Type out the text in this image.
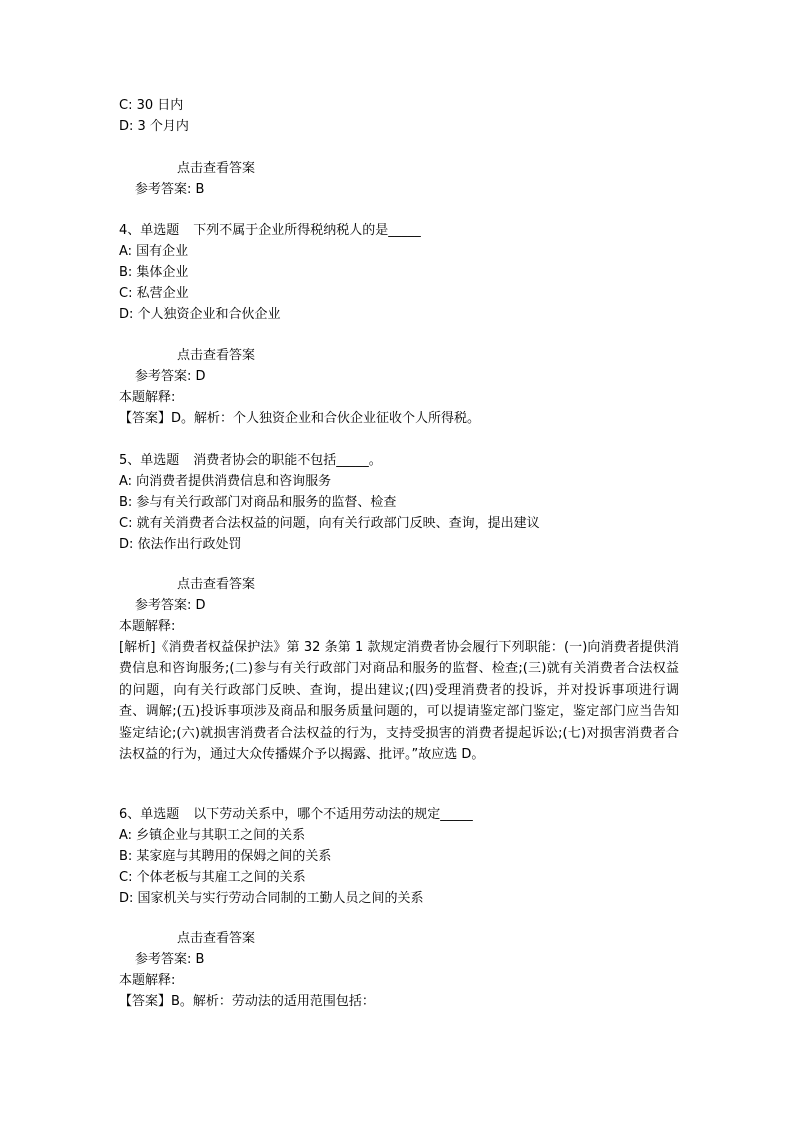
C: 30 日内
D: 3 个月内
点击查看答案
参考答案: B
4、单选题 下列不属于企业所得税纳税人的是_____
A: 国有企业
B: 集体企业
C: 私营企业
D: 个人独资企业和合伙企业
点击查看答案
参考答案: D
本题解释:
【答案】D。解析：个人独资企业和合伙企业征收个人所得税。
5、单选题 消费者协会的职能不包括_____。
A: 向消费者提供消费信息和咨询服务
B: 参与有关行政部门对商品和服务的监督、检查
C: 就有关消费者合法权益的问题，向有关行政部门反映、查询，提出建议
D: 依法作出行政处罚
点击查看答案
参考答案: D
本题解释:
[解析]《消费者权益保护法》第 32 条第 1 款规定消费者协会履行下列职能：(一)向消费者提供消费信息和咨询服务;(二)参与有关行政部门对商品和服务的监督、检查;(三)就有关消费者合法权益的问题，向有关行政部门反映、查询，提出建议;(四)受理消费者的投诉，并对投诉事项进行调查、调解;(五)投诉事项涉及商品和服务质量问题的，可以提请鉴定部门鉴定，鉴定部门应当告知鉴定结论;(六)就损害消费者合法权益的行为，支持受损害的消费者提起诉讼;(七)对损害消费者合法权益的行为，通过大众传播媒介予以揭露、批评。”故应选 D。
6、单选题 以下劳动关系中，哪个不适用劳动法的规定_____
A: 乡镇企业与其职工之间的关系
B: 某家庭与其聘用的保姆之间的关系
C: 个体老板与其雇工之间的关系
D: 国家机关与实行劳动合同制的工勤人员之间的关系
点击查看答案
参考答案: B
本题解释:
【答案】B。解析：劳动法的适用范围包括：
